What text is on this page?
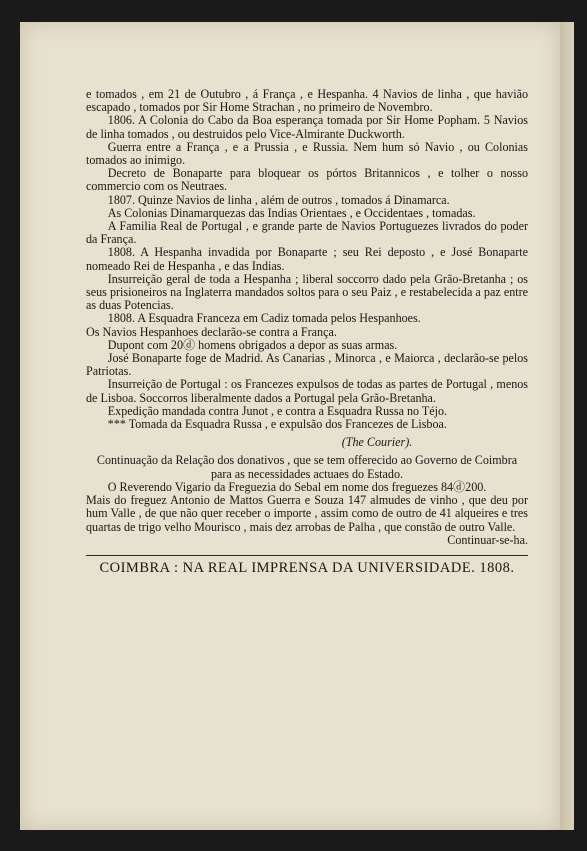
e tomados , em 21 de Outubro , á França , e Hespanha. 4 Navios de linha , que havião escapado , tomados por Sir Home Strachan , no primeiro de Novembro.

1806. A Colonia do Cabo da Boa esperança tomada por Sir Home Popham. 5 Navios de linha tomados , ou destruidos pelo Vice-Almirante Duckworth.

Guerra entre a França , e a Prussia , e Russia. Nem hum só Navio , ou Colonias tomados ao inimigo.

Decreto de Bonaparte para bloquear os pórtos Britannicos , e tolher o nosso commercio com os Neutraes.

1807. Quinze Navios de linha , além de outros , tomados á Dinamarca.

As Colonias Dinamarquezas das Indias Orientaes , e Occidentaes , tomadas.

A Familia Real de Portugal , e grande parte de Navios Portuguezes livrados do poder da França.

1808. A Hespanha invadida por Bonaparte ; seu Rei deposto , e José Bonaparte nomeado Rei de Hespanha , e das Indias.

Insurreição geral de toda a Hespanha ; liberal soccorro dado pela Grão-Bretanha ; os seus prisioneiros na Inglaterra mandados soltos para o seu Paiz , e restabelecida a paz entre as duas Potencias.

1808. A Esquadra Franceza em Cadiz tomada pelos Hespanhoes.

Os Navios Hespanhoes declarão-se contra a França.

Dupont com 20ⓓ homens obrigados a depor as suas armas.

José Bonaparte foge de Madrid. As Canarias , Minorca , e Maiorca , declarão-se pelos Patriotas.

Insurreição de Portugal : os Francezes expulsos de todas as partes de Portugal , menos de Lisboa. Soccorros liberalmente dados a Portugal pela Grão-Bretanha.

Expedição mandada contra Junot , e contra a Esquadra Russa no Téjo.

*** Tomada da Esquadra Russa , e expulsão dos Francezes de Lisboa.

(The Courier).

Continuação da Relação dos donativos , que se tem offerecido ao Governo de Coimbra para as necessidades actuaes do Estado.

O Reverendo Vigario da Freguezia do Sebal em nome dos freguezes 84ⓓ200.

Mais do freguez Antonio de Mattos Guerra e Souza 147 almudes de vinho , que deu por hum Valle , de que não quer receber o importe , assim como de outro de 41 alqueires e tres quartas de trigo velho Mourisco , mais dez arrobas de Palha , que constão de outro Valle.

Continuar-se-ha.

COIMBRA : NA REAL IMPRENSA DA UNIVERSIDADE. 1808.
